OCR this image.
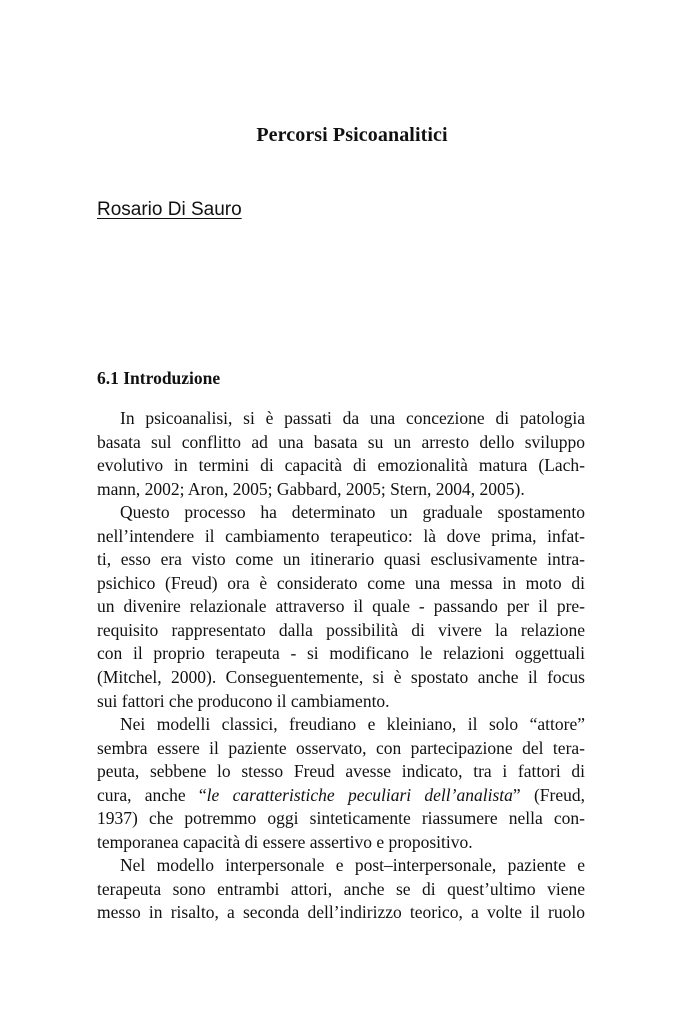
Percorsi Psicoanalitici
Rosario Di Sauro
6.1 Introduzione
In psicoanalisi, si è passati da una concezione di patologia
basata sul conflitto ad una basata su un arresto dello sviluppo
evolutivo in termini di capacità di emozionalità matura (Lach-
mann, 2002; Aron, 2005; Gabbard, 2005; Stern, 2004, 2005).
Questo processo ha determinato un graduale spostamento
nell’intendere il cambiamento terapeutico: là dove prima, infat-
ti, esso era visto come un itinerario quasi esclusivamente intra-
psichico (Freud) ora è considerato come una messa in moto di
un divenire relazionale attraverso il quale - passando per il pre-
requisito rappresentato dalla possibilità di vivere la relazione
con il proprio terapeuta - si modificano le relazioni oggettuali
(Mitchel, 2000). Conseguentemente, si è spostato anche il focus
sui fattori che producono il cambiamento.
Nei modelli classici, freudiano e kleiniano, il solo “attore”
sembra essere il paziente osservato, con partecipazione del tera-
peuta, sebbene lo stesso Freud avesse indicato, tra i fattori di
cura, anche “le caratteristiche peculiari dell’analista” (Freud,
1937) che potremmo oggi sinteticamente riassumere nella con-
temporanea capacità di essere assertivo e propositivo.
Nel modello interpersonale e post–interpersonale, paziente e
terapeuta sono entrambi attori, anche se di quest’ultimo viene
messo in risalto, a seconda dell’indirizzo teorico, a volte il ruolo
